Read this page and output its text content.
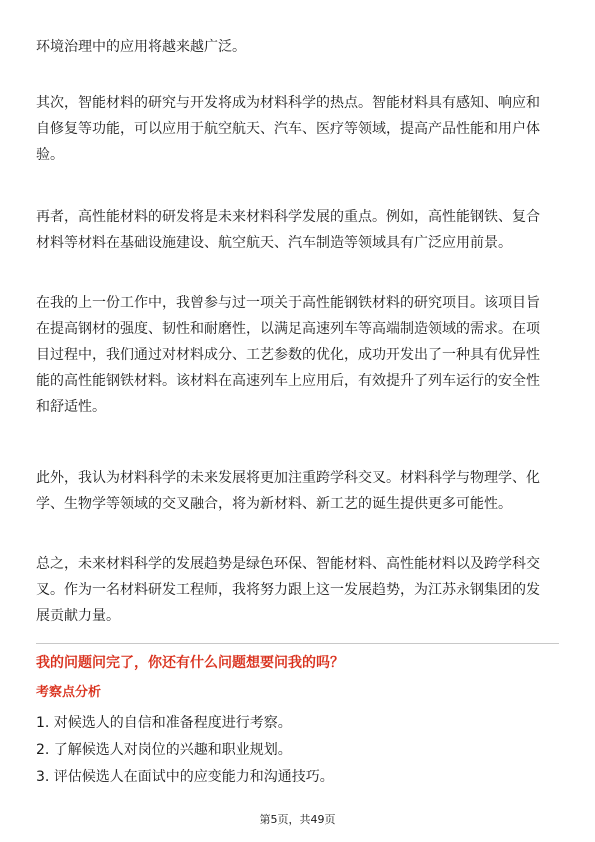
环境治理中的应用将越来越广泛。
其次，智能材料的研究与开发将成为材料科学的热点。智能材料具有感知、响应和
自修复等功能，可以应用于航空航天、汽车、医疗等领域，提高产品性能和用户体
验。
再者，高性能材料的研发将是未来材料科学发展的重点。例如，高性能钢铁、复合
材料等材料在基础设施建设、航空航天、汽车制造等领域具有广泛应用前景。
在我的上一份工作中，我曾参与过一项关于高性能钢铁材料的研究项目。该项目旨
在提高钢材的强度、韧性和耐磨性，以满足高速列车等高端制造领域的需求。在项
目过程中，我们通过对材料成分、工艺参数的优化，成功开发出了一种具有优异性
能的高性能钢铁材料。该材料在高速列车上应用后，有效提升了列车运行的安全性
和舒适性。
此外，我认为材料科学的未来发展将更加注重跨学科交叉。材料科学与物理学、化
学、生物学等领域的交叉融合，将为新材料、新工艺的诞生提供更多可能性。
总之，未来材料科学的发展趋势是绿色环保、智能材料、高性能材料以及跨学科交
叉。作为一名材料研发工程师，我将努力跟上这一发展趋势，为江苏永钢集团的发
展贡献力量。
我的问题问完了，你还有什么问题想要问我的吗？
考察点分析
1. 对候选人的自信和准备程度进行考察。
2. 了解候选人对岗位的兴趣和职业规划。
3. 评估候选人在面试中的应变能力和沟通技巧。
第5页，共49页
